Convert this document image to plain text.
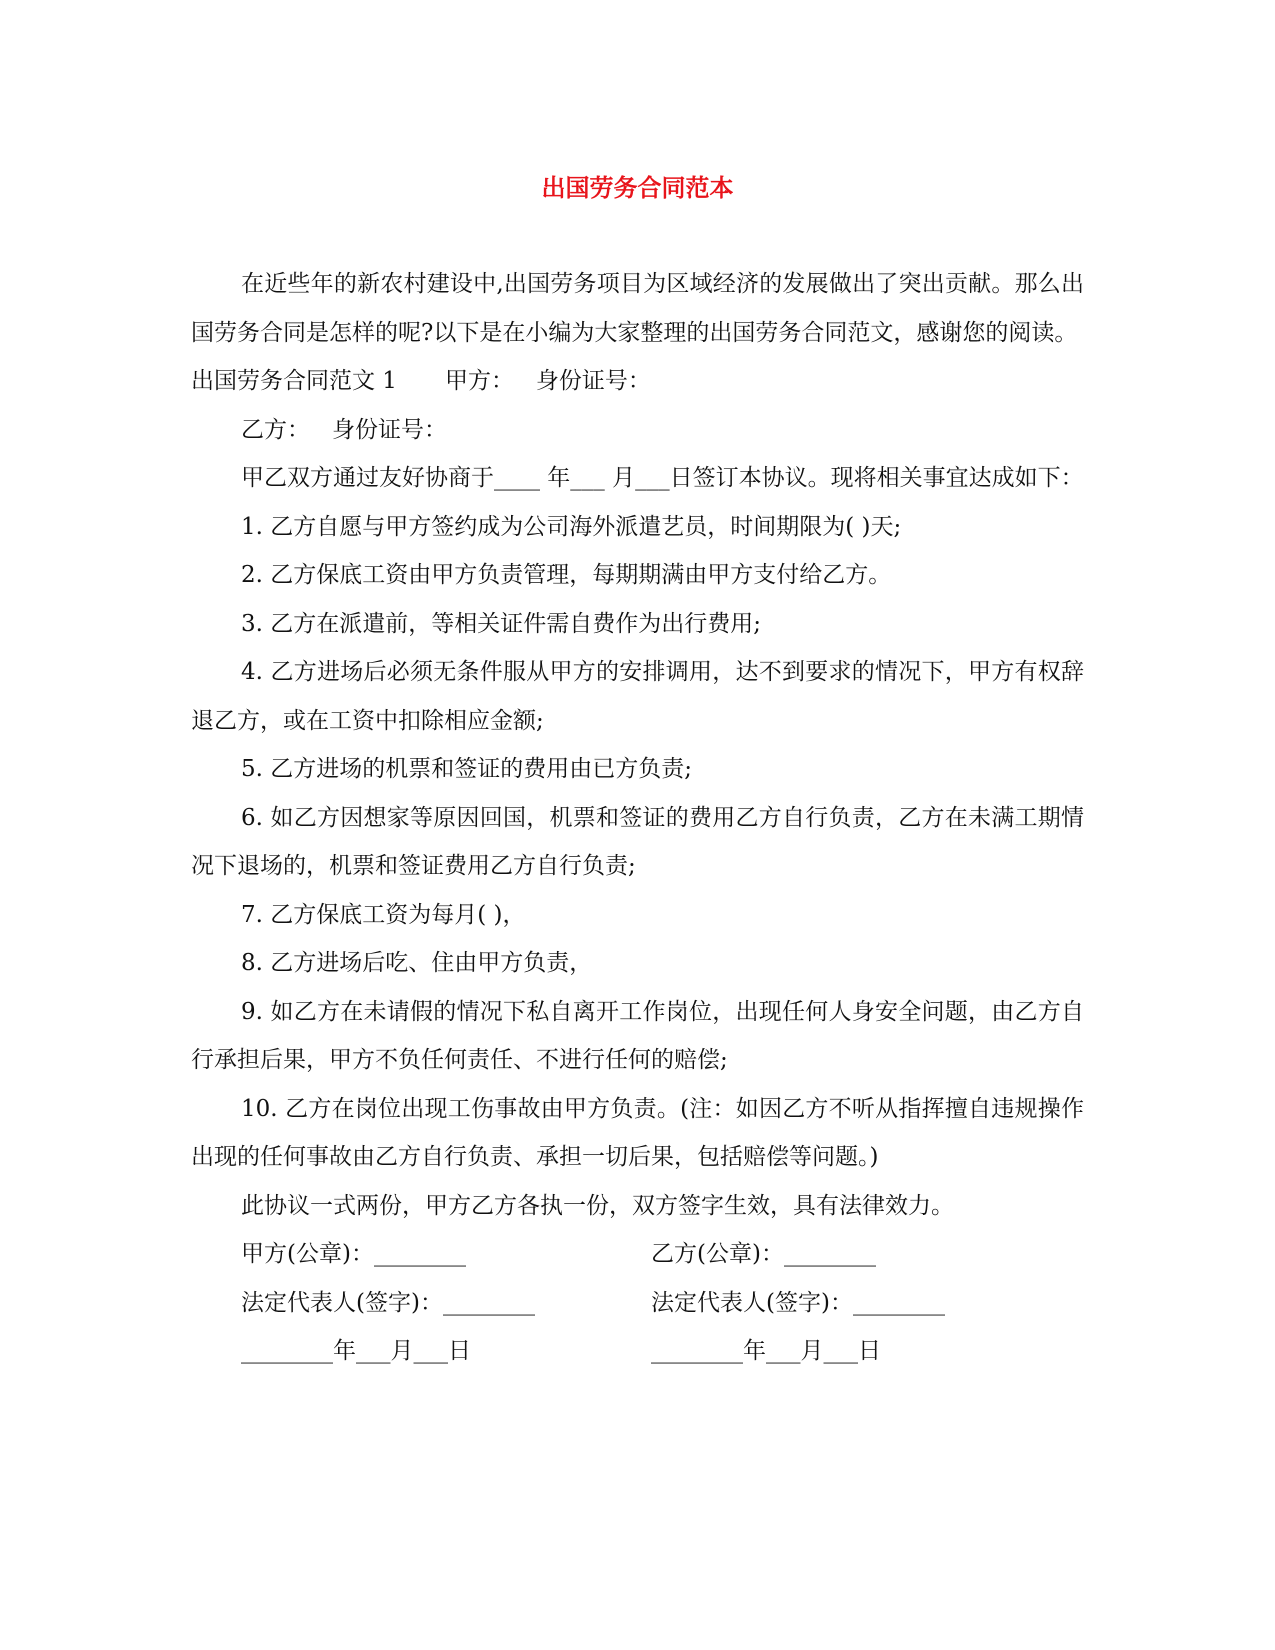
出国劳务合同范本

在近些年的新农村建设中,出国劳务项目为区域经济的发展做出了突出贡献。那么出国劳务合同是怎样的呢?以下是在小编为大家整理的出国劳务合同范文，感谢您的阅读。

出国劳务合同范文 1 甲方： 身份证号：

乙方： 身份证号：

甲乙双方通过友好协商于____ 年___ 月___日签订本协议。现将相关事宜达成如下：

1. 乙方自愿与甲方签约成为公司海外派遣艺员，时间期限为( )天;

2. 乙方保底工资由甲方负责管理，每期期满由甲方支付给乙方。

3. 乙方在派遣前，等相关证件需自费作为出行费用;

4. 乙方进场后必须无条件服从甲方的安排调用，达不到要求的情况下，甲方有权辞退乙方，或在工资中扣除相应金额;

5. 乙方进场的机票和签证的费用由已方负责;

6. 如乙方因想家等原因回国，机票和签证的费用乙方自行负责，乙方在未满工期情况下退场的，机票和签证费用乙方自行负责;

7. 乙方保底工资为每月( )，

8. 乙方进场后吃、住由甲方负责，

9. 如乙方在未请假的情况下私自离开工作岗位，出现任何人身安全问题，由乙方自行承担后果，甲方不负任何责任、不进行任何的赔偿;

10. 乙方在岗位出现工伤事故由甲方负责。(注：如因乙方不听从指挥擅自违规操作出现的任何事故由乙方自行负责、承担一切后果，包括赔偿等问题。)

此协议一式两份，甲方乙方各执一份，双方签字生效，具有法律效力。

甲方(公章)：________	乙方(公章)：________
法定代表人(签字)：________	法定代表人(签字)：________
________年___月___日	________年___月___日
